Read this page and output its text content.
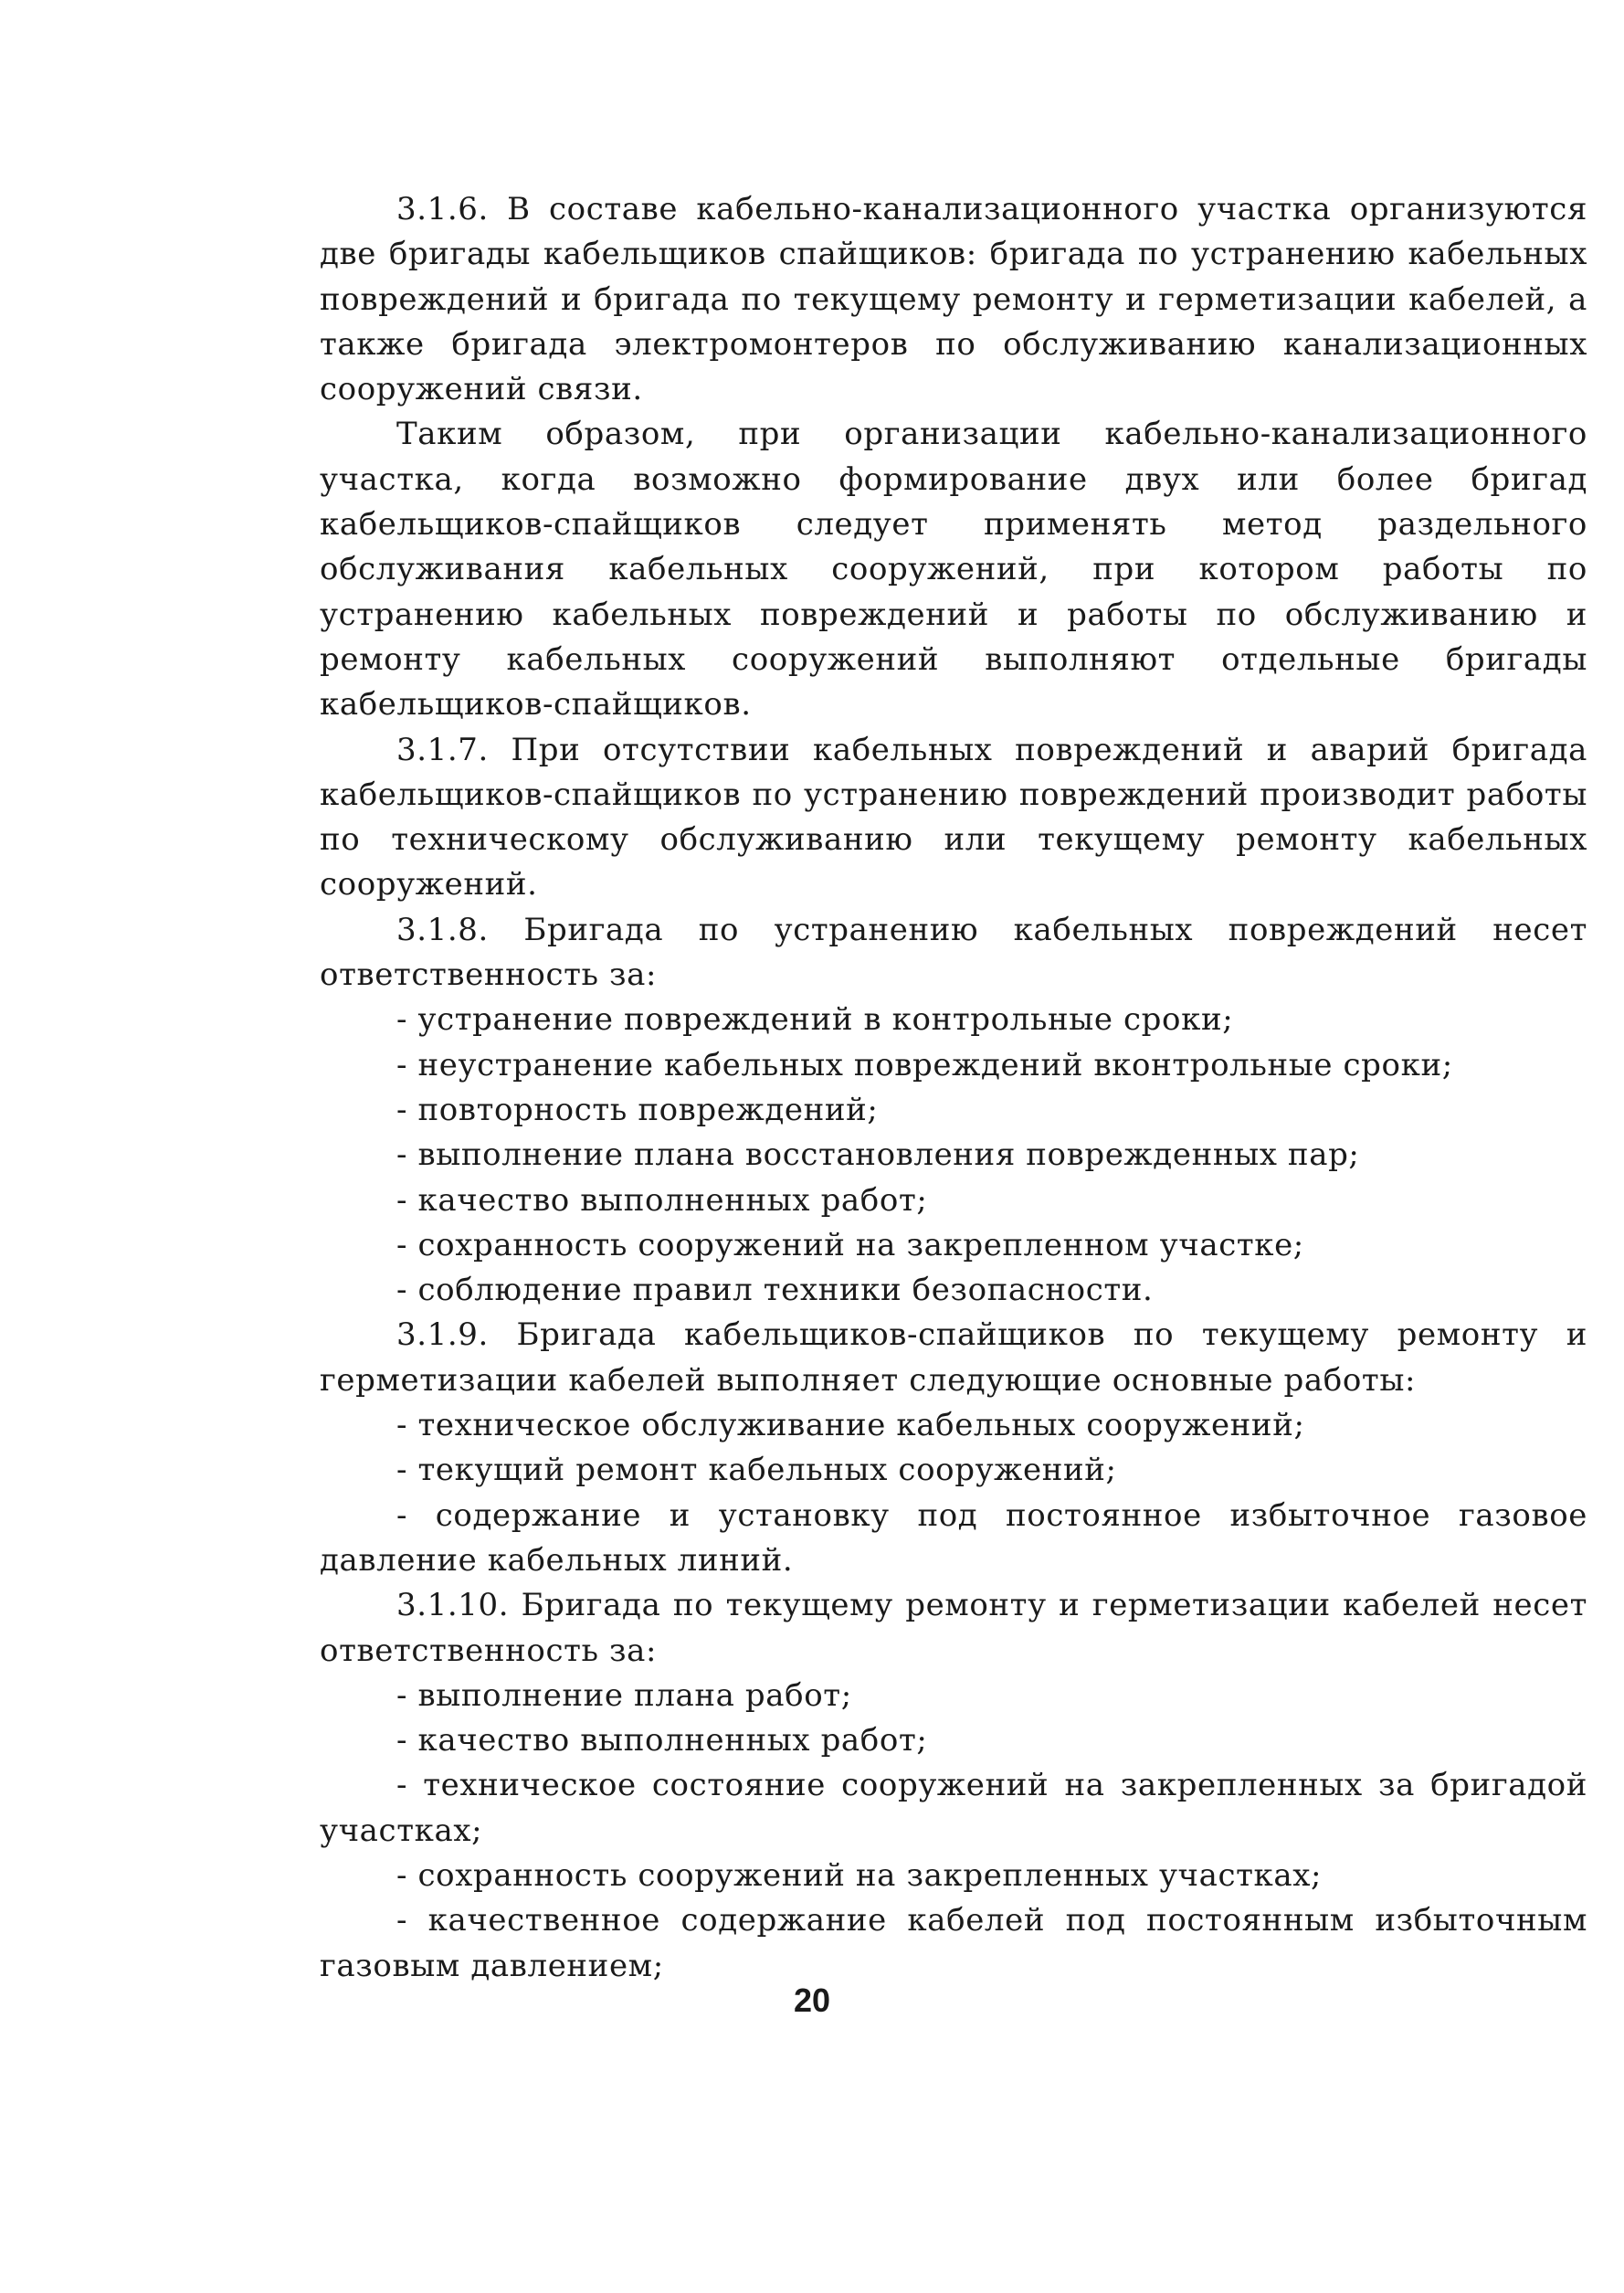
3.1.6. В составе кабельно-канализационного участка организуются две бригады кабельщиков спайщиков: бригада по устранению кабельных повреждений и бригада по текущему ремонту и герметизации кабелей, а также бригада электромонтеров по обслуживанию канализационных сооружений связи.

Таким образом, при организации кабельно-канализационного участка, когда возможно формирование двух или более бригад кабельщиков-спайщиков следует применять метод раздельного обслуживания кабельных сооружений, при котором работы по устранению кабельных повреждений и работы по обслуживанию и ремонту кабельных сооружений выполняют отдельные бригады кабельщиков-спайщиков.

3.1.7. При отсутствии кабельных повреждений и аварий бригада кабельщиков-спайщиков по устранению повреждений производит работы по техническому обслуживанию или текущему ремонту кабельных сооружений.

3.1.8. Бригада по устранению кабельных повреждений несет ответственность за:

- устранение повреждений в контрольные сроки;

- неустранение кабельных повреждений вконтрольные сроки;

- повторность повреждений;

- выполнение плана восстановления поврежденных пар;

- качество выполненных работ;

- сохранность сооружений на закрепленном участке;

- соблюдение правил техники безопасности.

3.1.9. Бригада кабельщиков-спайщиков по текущему ремонту и герметизации кабелей выполняет следующие основные работы:

- техническое обслуживание кабельных сооружений;

- текущий ремонт кабельных сооружений;

- содержание и установку под постоянное избыточное газовое давление кабельных линий.

3.1.10. Бригада по текущему ремонту и герметизации кабелей несет ответственность за:

- выполнение плана работ;

- качество выполненных работ;

- техническое состояние сооружений на закрепленных за бригадой участках;

- сохранность сооружений на закрепленных участках;

- качественное содержание кабелей под постоянным избыточным газовым давлением;

20
